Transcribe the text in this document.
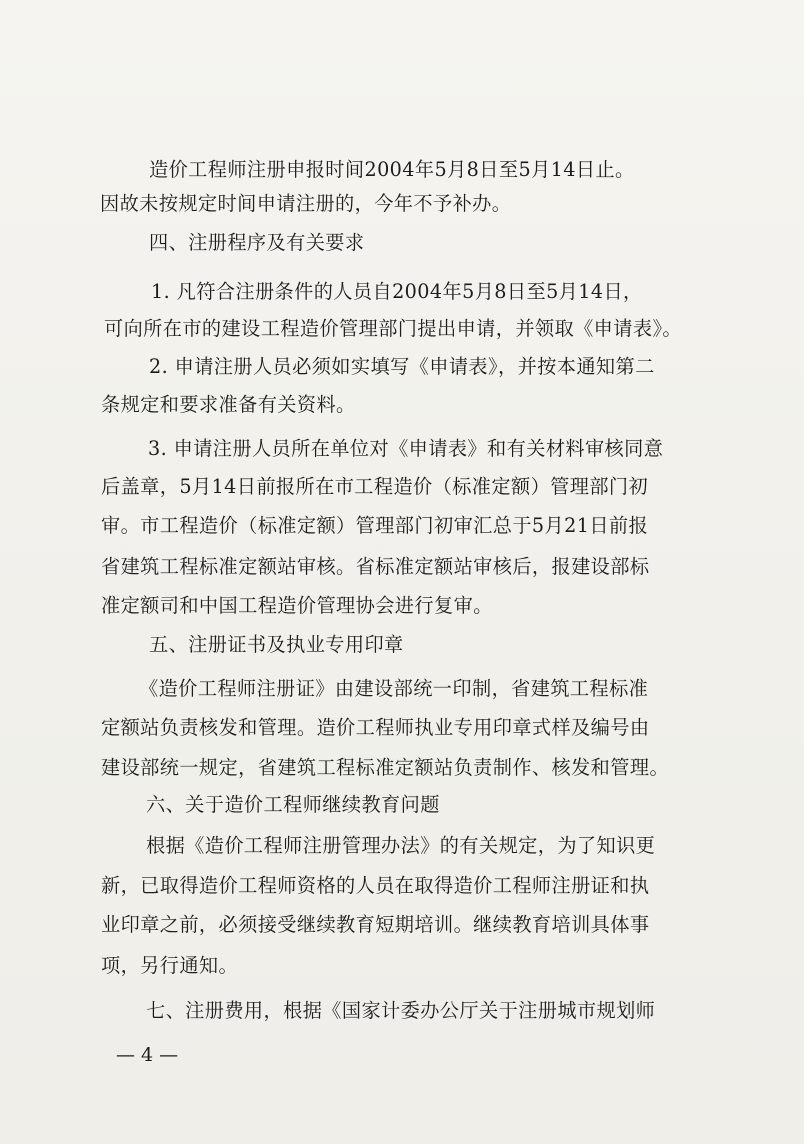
造价工程师注册申报时间2004年5月8日至5月14日止。
因故未按规定时间申请注册的，今年不予补办。
四、注册程序及有关要求
1. 凡符合注册条件的人员自2004年5月8日至5月14日，
可向所在市的建设工程造价管理部门提出申请，并领取《申请表》。
2. 申请注册人员必须如实填写《申请表》，并按本通知第二
条规定和要求准备有关资料。
3. 申请注册人员所在单位对《申请表》和有关材料审核同意
后盖章，5月14日前报所在市工程造价（标准定额）管理部门初
审。市工程造价（标准定额）管理部门初审汇总于5月21日前报
省建筑工程标准定额站审核。省标准定额站审核后，报建设部标
准定额司和中国工程造价管理协会进行复审。
五、注册证书及执业专用印章
《造价工程师注册证》由建设部统一印制，省建筑工程标准
定额站负责核发和管理。造价工程师执业专用印章式样及编号由
建设部统一规定，省建筑工程标准定额站负责制作、核发和管理。
六、关于造价工程师继续教育问题
根据《造价工程师注册管理办法》的有关规定，为了知识更
新，已取得造价工程师资格的人员在取得造价工程师注册证和执
业印章之前，必须接受继续教育短期培训。继续教育培训具体事
项，另行通知。
七、注册费用，根据《国家计委办公厅关于注册城市规划师
— 4 —
